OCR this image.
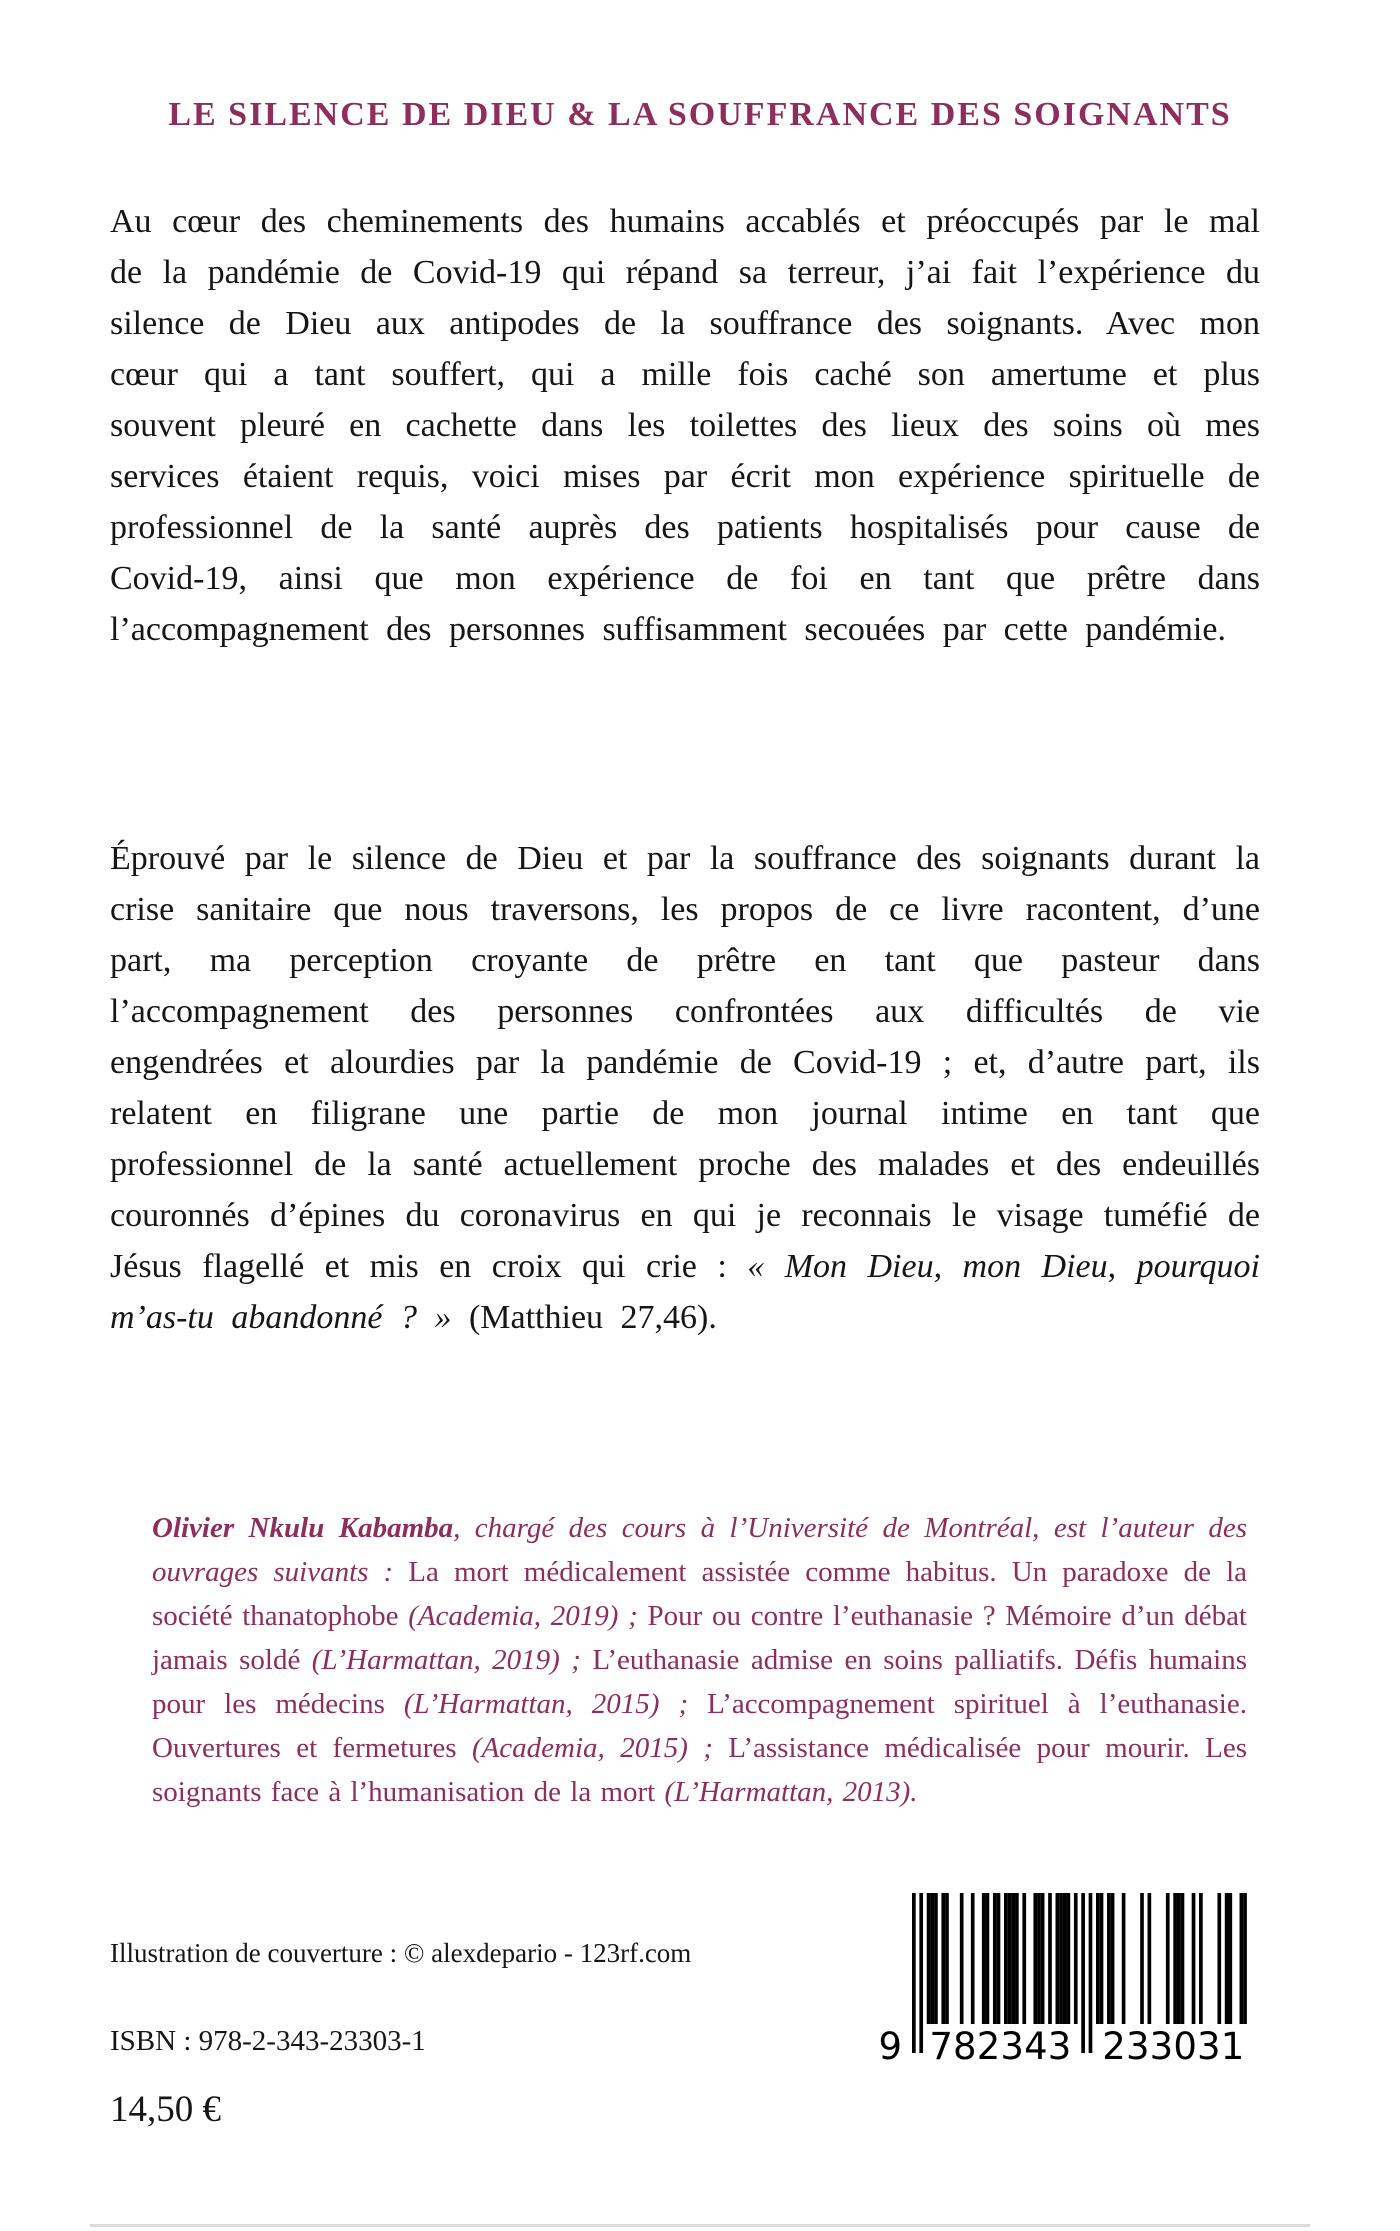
LE SILENCE DE DIEU & LA SOUFFRANCE DES SOIGNANTS

Au cœur des cheminements des humains accablés et préoccupés par le mal de la pandémie de Covid-19 qui répand sa terreur, j’ai fait l’expérience du silence de Dieu aux antipodes de la souffrance des soignants. Avec mon cœur qui a tant souffert, qui a mille fois caché son amertume et plus souvent pleuré en cachette dans les toilettes des lieux des soins où mes services étaient requis, voici mises par écrit mon expérience spirituelle de professionnel de la santé auprès des patients hospitalisés pour cause de Covid-19, ainsi que mon expérience de foi en tant que prêtre dans l’accompagnement des personnes suffisamment secouées par cette pandémie.

Éprouvé par le silence de Dieu et par la souffrance des soignants durant la crise sanitaire que nous traversons, les propos de ce livre racontent, d’une part, ma perception croyante de prêtre en tant que pasteur dans l’accompagnement des personnes confrontées aux difficultés de vie engendrées et alourdies par la pandémie de Covid-19 ; et, d’autre part, ils relatent en filigrane une partie de mon journal intime en tant que professionnel de la santé actuellement proche des malades et des endeuillés couronnés d’épines du coronavirus en qui je reconnais le visage tuméfié de Jésus flagellé et mis en croix qui crie : « Mon Dieu, mon Dieu, pourquoi m’as-tu abandonné ? » (Matthieu 27,46).

Olivier Nkulu Kabamba, chargé des cours à l’Université de Montréal, est l’auteur des ouvrages suivants : La mort médicalement assistée comme habitus. Un paradoxe de la société thanatophobe (Academia, 2019) ; Pour ou contre l’euthanasie ? Mémoire d’un débat jamais soldé (L’Harmattan, 2019) ; L’euthanasie admise en soins palliatifs. Défis humains pour les médecins (L’Harmattan, 2015) ; L’accompagnement spirituel à l’euthanasie. Ouvertures et fermetures (Academia, 2015) ; L’assistance médicalisée pour mourir. Les soignants face à l’humanisation de la mort (L’Harmattan, 2013).

Illustration de couverture : © alexdepario - 123rf.com
ISBN : 978-2-343-23303-1
14,50 €
9 782343 233031
